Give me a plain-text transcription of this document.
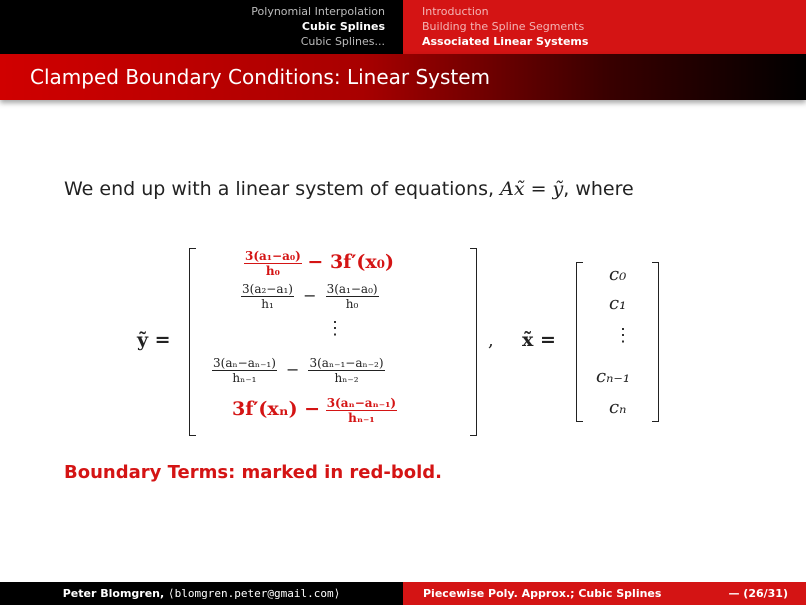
Polynomial Interpolation
Cubic Splines
Cubic Splines...
Introduction
Building the Spline Segments
Associated Linear Systems
Clamped Boundary Conditions: Linear System
We end up with a linear system of equations, Ax̃ = ỹ, where
ỹ =
$\frac{\text{3(a₁−a₀)}}{\text{h₀}} - 3f'(x_0)$
$\frac{\text{3(a₂−a₁)}}{\text{h₁}} - \frac{\text{3(a₁−a₀)}}{\text{h₀}}$
⋮
$\frac{\text{3(aₙ−aₙ₋₁)}}{\text{hₙ₋₁}} - \frac{\text{3(aₙ₋₁−aₙ₋₂)}}{\text{hₙ₋₂}}$
$3f'(x_n) - \frac{\text{3(aₙ−aₙ₋₁)}}{\text{hₙ₋₁}}$
, x̃ =
c₀
c₁
⋮
cₙ₋₁
cₙ
Boundary Terms: marked in red-bold.
Peter Blomgren, ⟨blomgren.peter@gmail.com⟩	Piecewise Poly. Approx.; Cubic Splines	— (26/31)
